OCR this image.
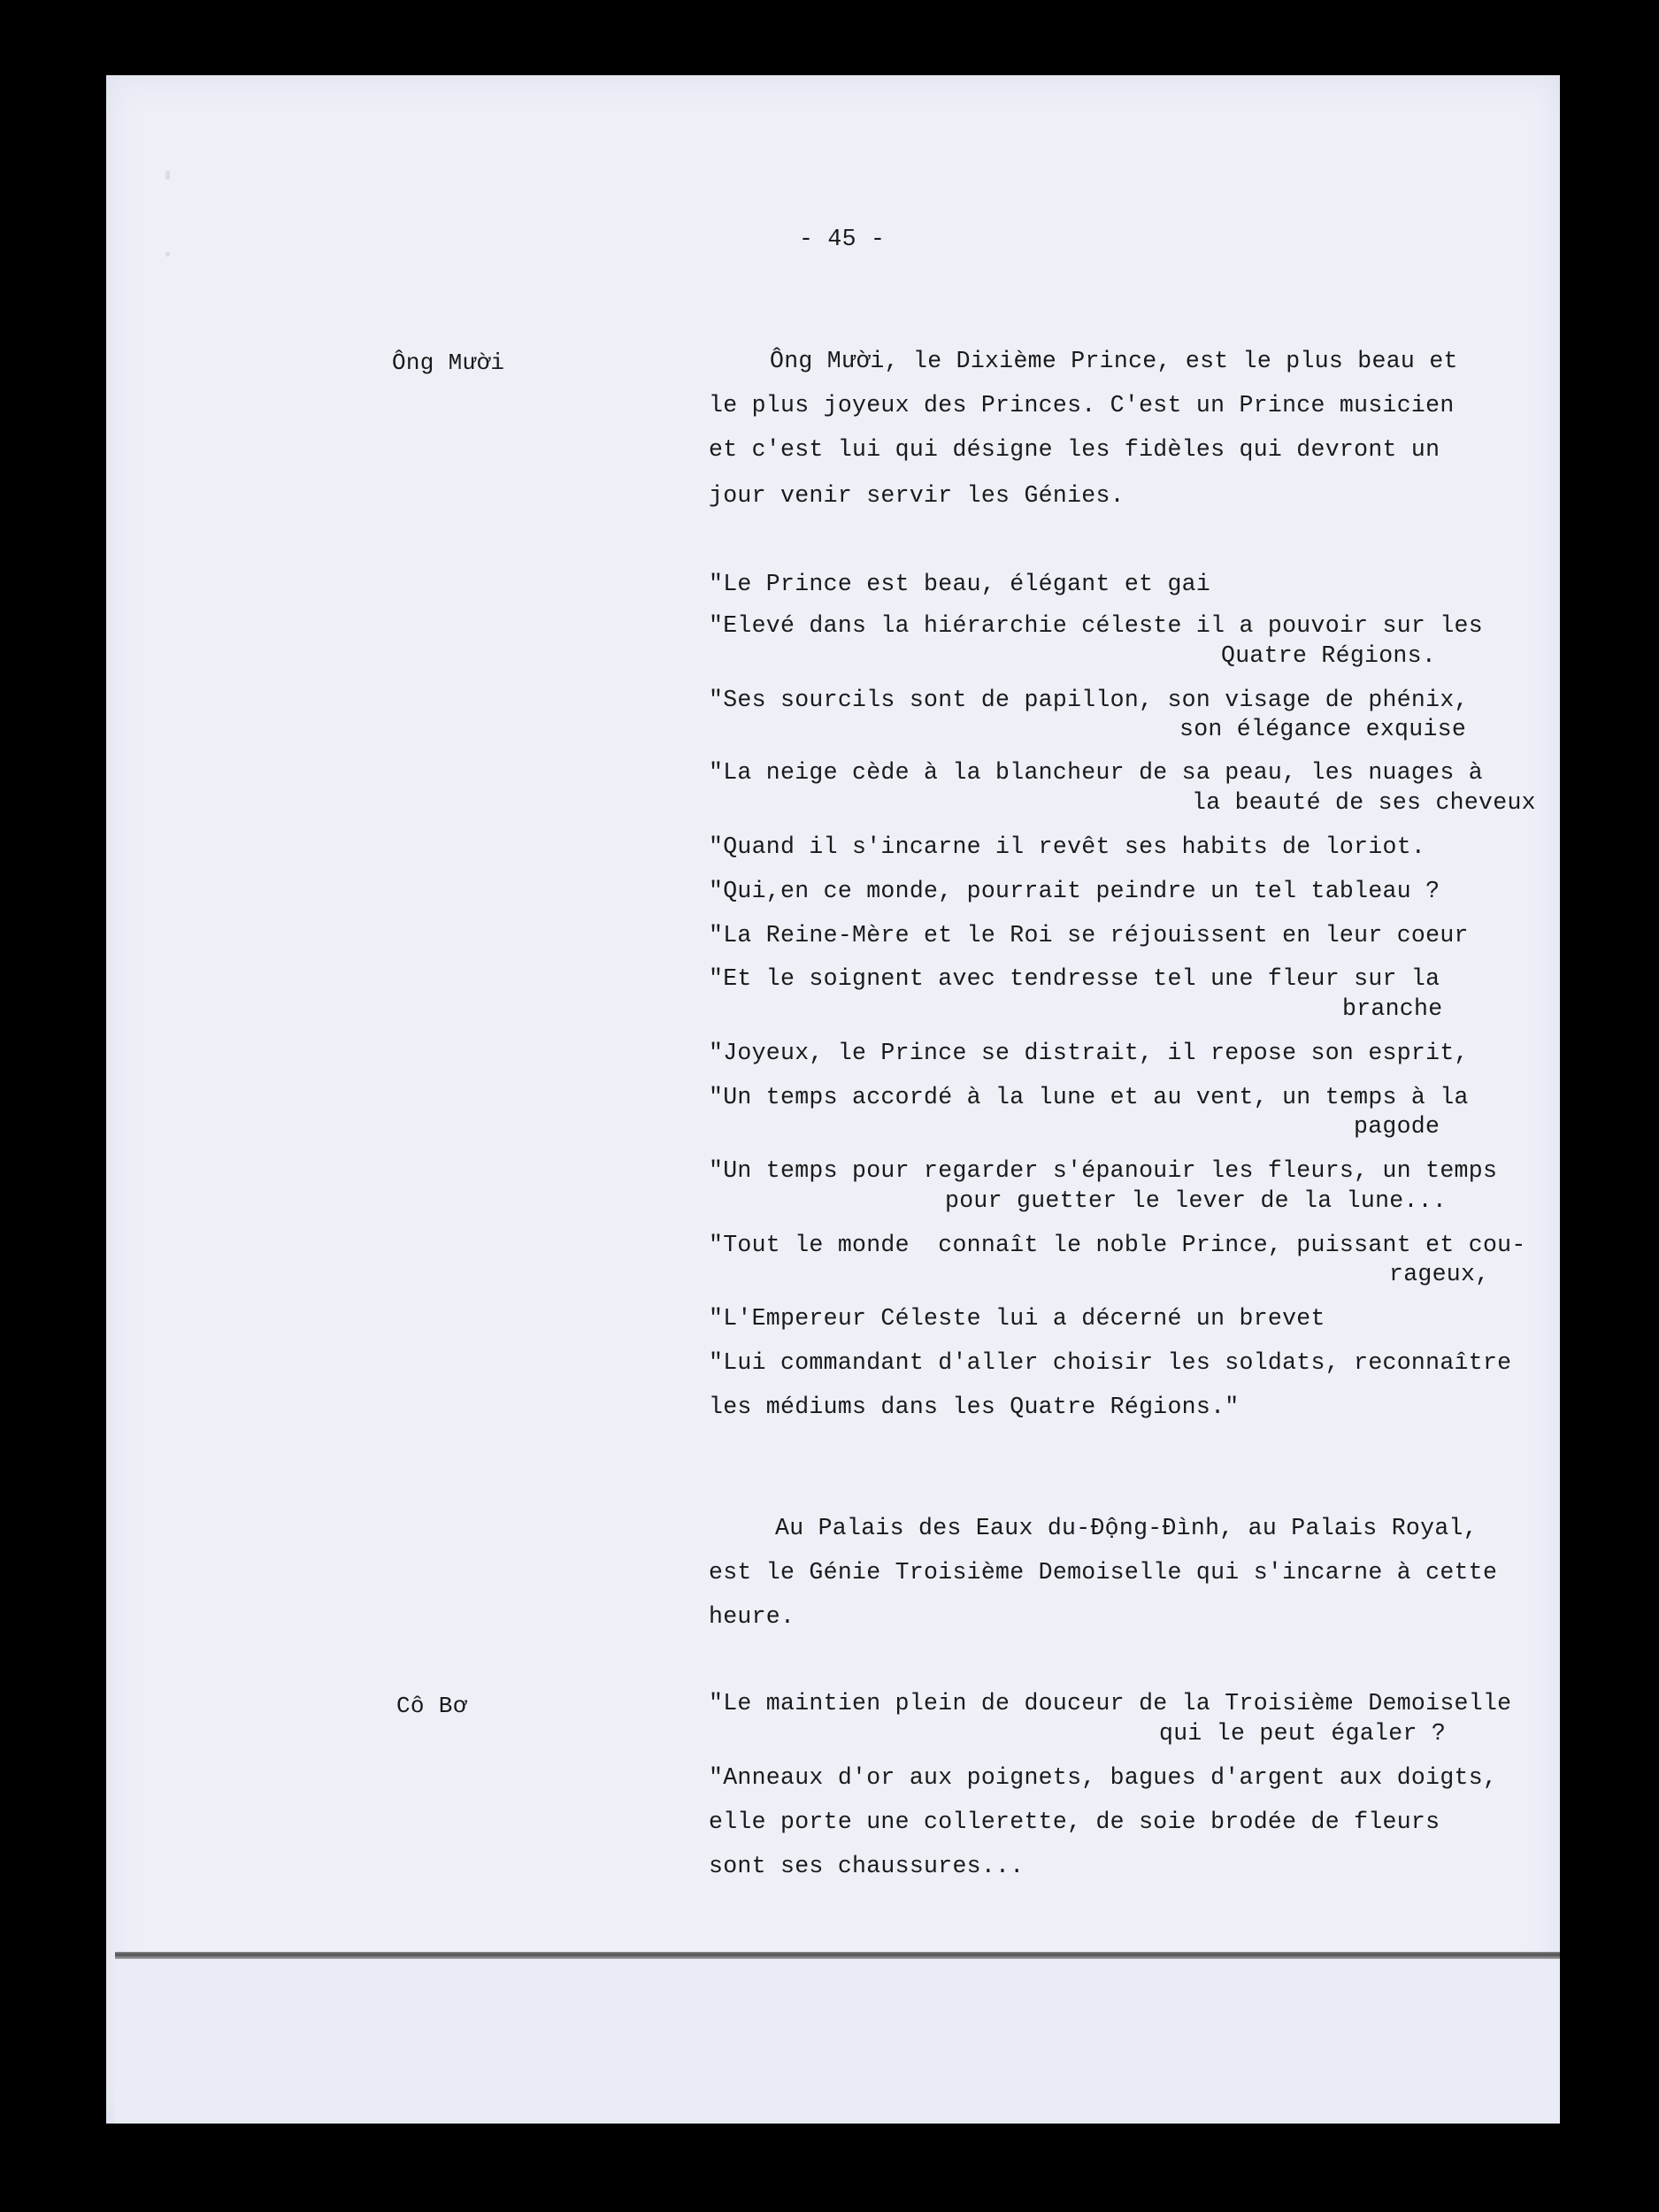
- 45 -
Ông Mười
Cô Bơ
Ông Mười, le Dixième Prince, est le plus beau et
le plus joyeux des Princes. C'est un Prince musicien
et c'est lui qui désigne les fidèles qui devront un
jour venir servir les Génies.
"Le Prince est beau, élégant et gai
"Elevé dans la hiérarchie céleste il a pouvoir sur les
Quatre Régions.
"Ses sourcils sont de papillon, son visage de phénix,
son élégance exquise
"La neige cède à la blancheur de sa peau, les nuages à
la beauté de ses cheveux
"Quand il s'incarne il revêt ses habits de loriot.
"Qui,en ce monde, pourrait peindre un tel tableau ?
"La Reine-Mère et le Roi se réjouissent en leur coeur
"Et le soignent avec tendresse tel une fleur sur la
branche
"Joyeux, le Prince se distrait, il repose son esprit,
"Un temps accordé à la lune et au vent, un temps à la
pagode
"Un temps pour regarder s'épanouir les fleurs, un temps
pour guetter le lever de la lune...
"Tout le monde  connaît le noble Prince, puissant et cou-
rageux,
"L'Empereur Céleste lui a décerné un brevet
"Lui commandant d'aller choisir les soldats, reconnaître
les médiums dans les Quatre Régions."
Au Palais des Eaux du-Động-Đình, au Palais Royal,
est le Génie Troisième Demoiselle qui s'incarne à cette
heure.
"Le maintien plein de douceur de la Troisième Demoiselle
qui le peut égaler ?
"Anneaux d'or aux poignets, bagues d'argent aux doigts,
elle porte une collerette, de soie brodée de fleurs
sont ses chaussures...
